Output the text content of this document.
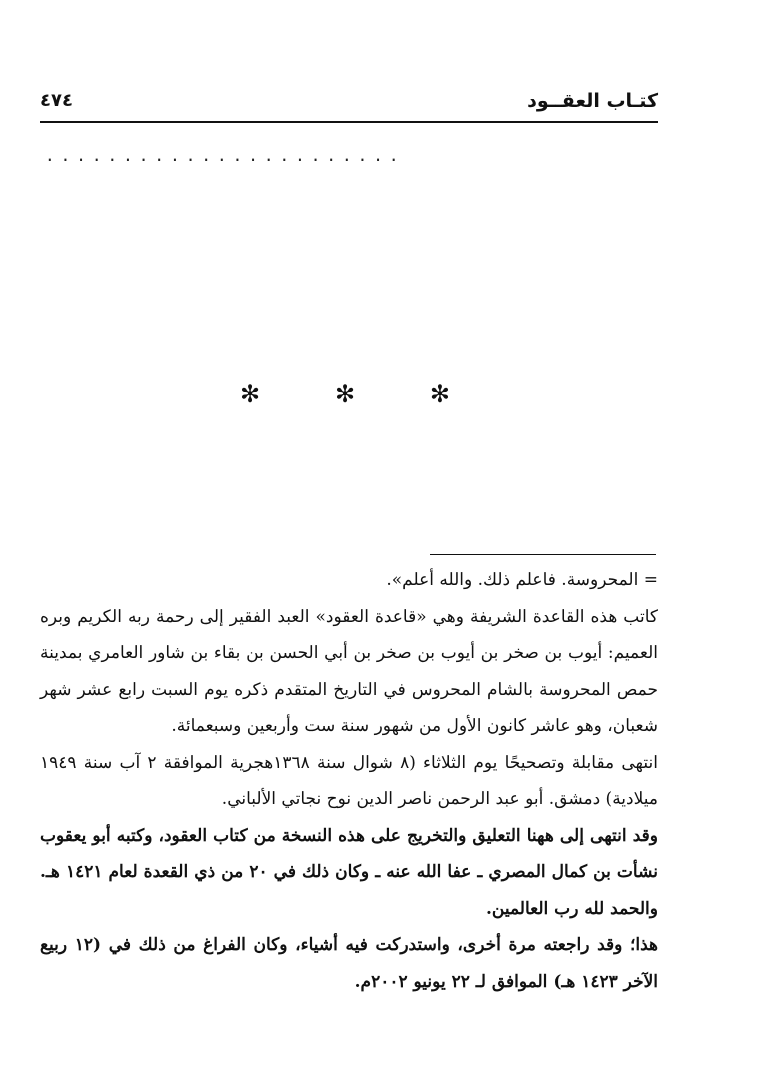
كتـاب العقــود
٤٧٤
.......................
✻	✻	✻

= المحروسة. فاعلم ذلك. والله أعلم».

كاتب هذه القاعدة الشريفة وهي «قاعدة العقود» العبد الفقير إلى رحمة ربه الكريم وبره العميم: أيوب بن صخر بن أيوب بن صخر بن أبي الحسن بن بقاء بن شاور العامري بمدينة حمص المحروسة بالشام المحروس في التاريخ المتقدم ذكره يوم السبت رابع عشر شهر شعبان، وهو عاشر كانون الأول من شهور سنة ست وأربعين وسبعمائة.

انتهى مقابلة وتصحيحًا يوم الثلاثاء (٨ شوال سنة ١٣٦٨هجرية الموافقة ٢ آب سنة ١٩٤٩ ميلادية) دمشق. أبو عبد الرحمن ناصر الدين نوح نجاتي الألباني.

وقد انتهى إلى ههنا التعليق والتخريج على هذه النسخة من كتاب العقود، وكتبه أبو يعقوب نشأت بن كمال المصري ـ عفا الله عنه ـ وكان ذلك في ٢٠ من ذي القعدة لعام ١٤٢١ هـ. والحمد لله رب العالمين.

هذا؛ وقد راجعته مرة أخرى، واستدركت فيه أشياء، وكان الفراغ من ذلك في (١٢ ربيع الآخر ١٤٢٣ هـ) الموافق لـ ٢٢ يونيو ٢٠٠٢م.
